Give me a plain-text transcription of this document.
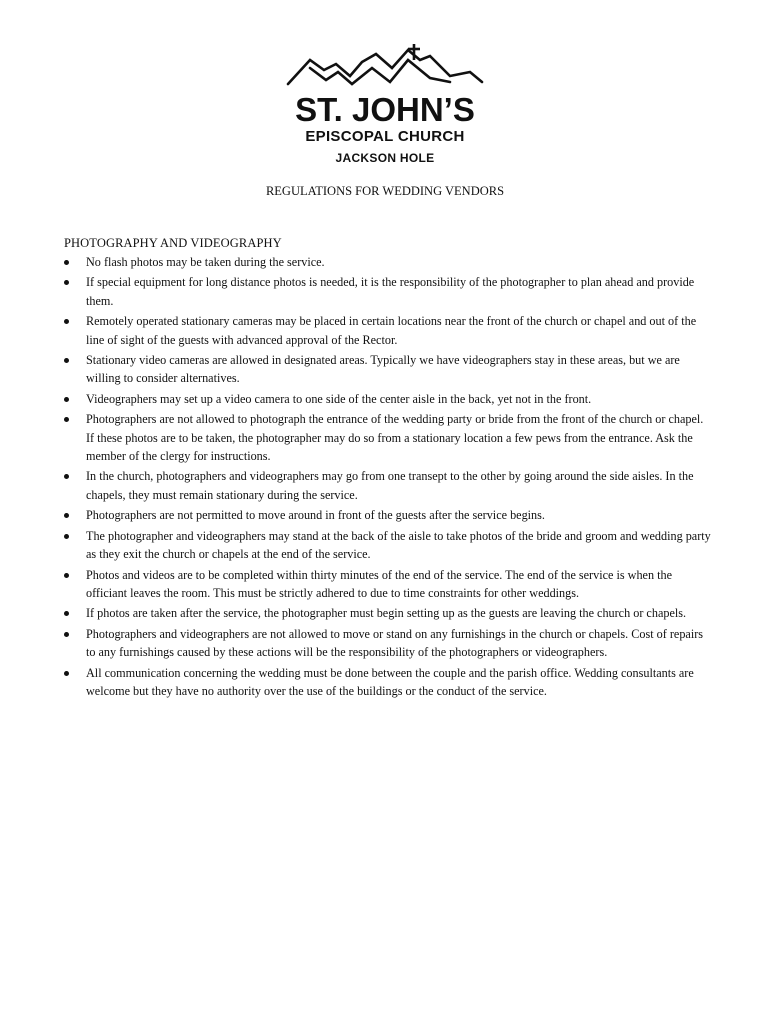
ST. JOHN’S
EPISCOPAL CHURCH
JACKSON HOLE
REGULATIONS FOR WEDDING VENDORS
PHOTOGRAPHY AND VIDEOGRAPHY
No flash photos may be taken during the service.
If special equipment for long distance photos is needed, it is the responsibility of the photographer to plan ahead and provide them.
Remotely operated stationary cameras may be placed in certain locations near the front of the church or chapel and out of the line of sight of the guests with advanced approval of the Rector.
Stationary video cameras are allowed in designated areas. Typically we have videographers stay in these areas, but we are willing to consider alternatives.
Videographers may set up a video camera to one side of the center aisle in the back, yet not in the front.
Photographers are not allowed to photograph the entrance of the wedding party or bride from the front of the church or chapel. If these photos are to be taken, the photographer may do so from a stationary location a few pews from the entrance. Ask the member of the clergy for instructions.
In the church, photographers and videographers may go from one transept to the other by going around the side aisles. In the chapels, they must remain stationary during the service.
Photographers are not permitted to move around in front of the guests after the service begins.
The photographer and videographers may stand at the back of the aisle to take photos of the bride and groom and wedding party as they exit the church or chapels at the end of the service.
Photos and videos are to be completed within thirty minutes of the end of the service. The end of the service is when the officiant leaves the room. This must be strictly adhered to due to time constraints for other weddings.
If photos are taken after the service, the photographer must begin setting up as the guests are leaving the church or chapels.
Photographers and videographers are not allowed to move or stand on any furnishings in the church or chapels. Cost of repairs to any furnishings caused by these actions will be the responsibility of the photographers or videographers.
All communication concerning the wedding must be done between the couple and the parish office. Wedding consultants are welcome but they have no authority over the use of the buildings or the conduct of the service.
